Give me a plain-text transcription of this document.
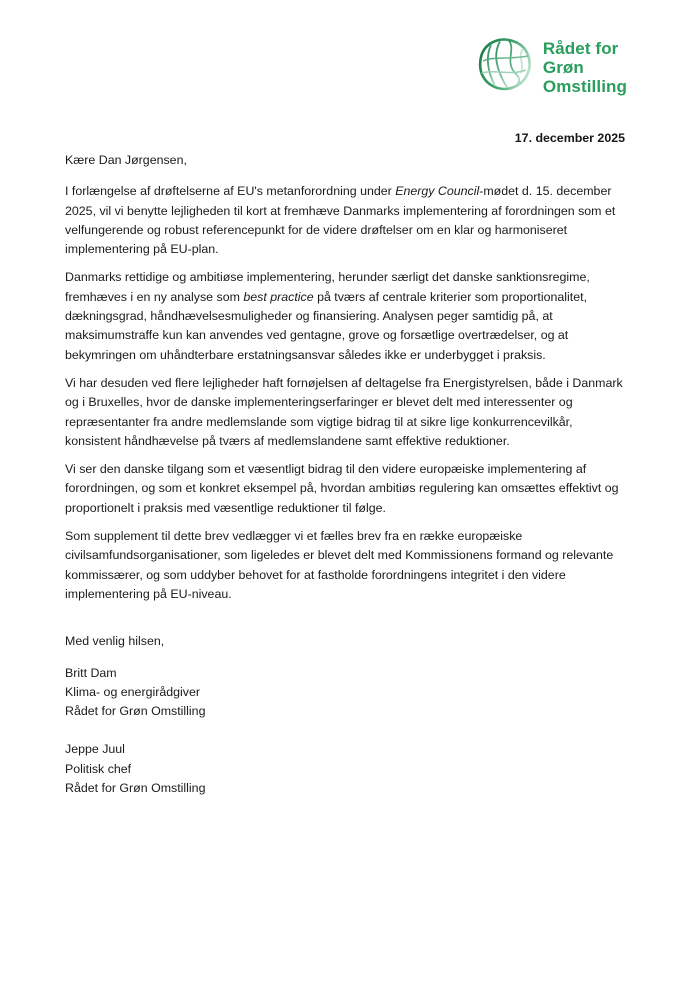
Rådet for
Grøn
Omstilling
17. december 2025

Kære Dan Jørgensen,

I forlængelse af drøftelserne af EU's metanforordning under Energy Council-mødet d. 15. december 2025, vil vi benytte lejligheden til kort at fremhæve Danmarks implementering af forordningen som et velfungerende og robust referencepunkt for de videre drøftelser om en klar og harmoniseret implementering på EU-plan.

Danmarks rettidige og ambitiøse implementering, herunder særligt det danske sanktionsregime, fremhæves i en ny analyse som best practice på tværs af centrale kriterier som proportionalitet, dækningsgrad, håndhævelsesmuligheder og finansiering. Analysen peger samtidig på, at maksimumstraffe kun kan anvendes ved gentagne, grove og forsætlige overtrædelser, og at bekymringen om uhåndterbare erstatningsansvar således ikke er underbygget i praksis.

Vi har desuden ved flere lejligheder haft fornøjelsen af deltagelse fra Energistyrelsen, både i Danmark og i Bruxelles, hvor de danske implementeringserfaringer er blevet delt med interessenter og repræsentanter fra andre medlemslande som vigtige bidrag til at sikre lige konkurrencevilkår, konsistent håndhævelse på tværs af medlemslandene samt effektive reduktioner.

Vi ser den danske tilgang som et væsentligt bidrag til den videre europæiske implementering af forordningen, og som et konkret eksempel på, hvordan ambitiøs regulering kan omsættes effektivt og proportionelt i praksis med væsentlige reduktioner til følge.

Som supplement til dette brev vedlægger vi et fælles brev fra en række europæiske civilsamfundsorganisationer, som ligeledes er blevet delt med Kommissionens formand og relevante kommissærer, og som uddyber behovet for at fastholde forordningens integritet i den videre implementering på EU-niveau.

Med venlig hilsen,

Britt Dam
Klima- og energirådgiver
Rådet for Grøn Omstilling
Jeppe Juul
Politisk chef
Rådet for Grøn Omstilling
